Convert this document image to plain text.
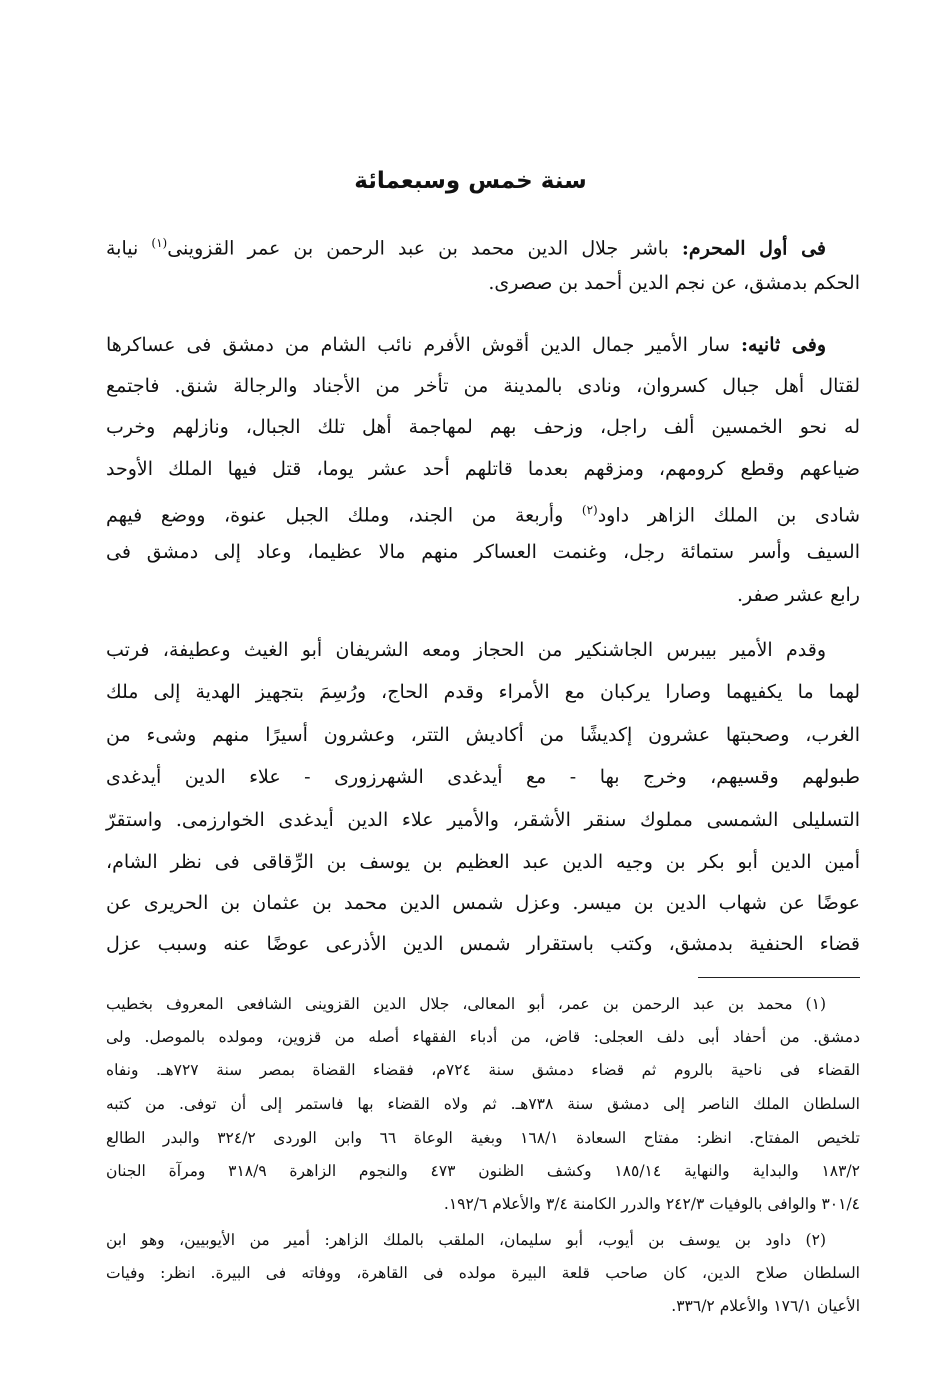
سنة خمس وسبعمائة
فى أول المحرم: باشر جلال الدين محمد بن عبد الرحمن بن عمر القزوينى$^{(١)}$ نيابة
الحكم بدمشق، عن نجم الدين أحمد بن صصرى.
وفى ثانيه: سار الأمير جمال الدين أقوش الأفرم نائب الشام من دمشق فى عساكرها
لقتال أهل جبال كسروان، ونادى بالمدينة من تأخر من الأجناد والرجالة شنق. فاجتمع
له نحو الخمسين ألف راجل، وزحف بهم لمهاجمة أهل تلك الجبال، ونازلهم وخرب
ضياعهم وقطع كرومهم، ومزقهم بعدما قاتلهم أحد عشر يوما، قتل فيها الملك الأوحد
شادى بن الملك الزاهر داود$^{(٢)}$ وأربعة من الجند، وملك الجبل عنوة، ووضع فيهم
السيف وأسر ستمائة رجل، وغنمت العساكر منهم مالا عظيما، وعاد إلى دمشق فى
رابع عشر صفر.
وقدم الأمير بيبرس الجاشنكير من الحجاز ومعه الشريفان أبو الغيث وعطيفة، فرتب
لهما ما يكفيهما وصارا يركبان مع الأمراء وقدم الحاج، ورُسِمَ بتجهيز الهدية إلى ملك
الغرب، وصحبتها عشرون إكديشًا من أكاديش التتر، وعشرون أسيرًا منهم وشىء من
طبولهم وقسيهم، وخرج بها - مع أيدغدى الشهرزورى - علاء الدين أيدغدى
التسليلى الشمسى مملوك سنقر الأشقر، والأمير علاء الدين أيدغدى الخوارزمى. واستقرّ
أمين الدين أبو بكر بن وجيه الدين عبد العظيم بن يوسف بن الرِّقاقى فى نظر الشام،
عوضًا عن شهاب الدين بن ميسر. وعزل شمس الدين محمد بن عثمان بن الحريرى عن
قضاء الحنفية بدمشق، وكتب باستقرار شمس الدين الأذرعى عوضًا عنه وسبب عزل
(١) محمد بن عبد الرحمن بن عمر، أبو المعالى، جلال الدين القزوينى الشافعى المعروف بخطيب
دمشق. من أحفاد أبى دلف العجلى: قاض، من أدباء الفقهاء أصله من قزوين، ومولده بالموصل. ولى
القضاء فى ناحية بالروم ثم قضاء دمشق سنة ٧٢٤م، فقضاء القضاة بمصر سنة ٧٢٧هـ. ونفاه
السلطان الملك الناصر إلى دمشق سنة ٧٣٨هـ. ثم ولاه القضاء بها فاستمر إلى أن توفى. من كتبه
تلخيص المفتاح. انظر: مفتاح السعادة ١٦٨/١ وبغية الوعاة ٦٦ وابن الوردى ٣٢٤/٢ والبدر الطالع
١٨٣/٢ والبداية والنهاية ١٨٥/١٤ وكشف الظنون ٤٧٣ والنجوم الزاهرة ٣١٨/٩ ومرآة الجنان
٣٠١/٤ والوافى بالوفيات ٢٤٢/٣ والدرر الكامنة ٣/٤ والأعلام ١٩٢/٦.
(٢) داود بن يوسف بن أيوب، أبو سليمان، الملقب بالملك الزاهر: أمير من الأيوبيين، وهو ابن
السلطان صلاح الدين، كان صاحب قلعة البيرة مولده فى القاهرة، ووفاته فى البيرة. انظر: وفيات
الأعيان ١٧٦/١ والأعلام ٣٣٦/٢.
